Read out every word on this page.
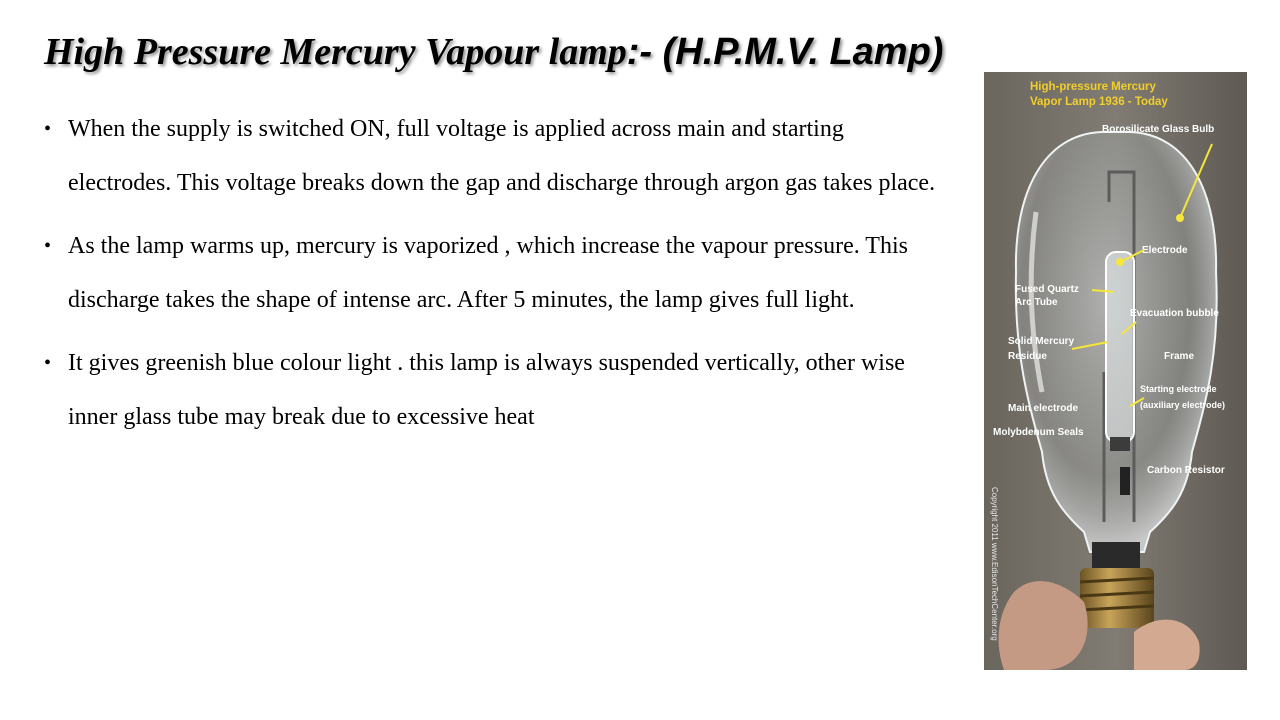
High Pressure Mercury Vapour lamp:- (H.P.M.V. Lamp)
• When the supply is switched ON, full voltage is applied across main and starting electrodes. This voltage breaks down the gap and discharge through argon gas takes place.
• As the lamp warms up, mercury is vaporized , which increase the vapour pressure. This discharge takes the shape of intense arc. After 5 minutes, the lamp gives full light.
• It gives greenish blue colour light . this lamp is always suspended vertically, other wise inner glass tube may break due to excessive heat
High-pressure Mercury
Vapor Lamp 1936 - Today
Borosilicate Glass Bulb
Electrode
Fused Quartz
Arc Tube
Evacuation bubble
Solid Mercury
Residue	Frame
Starting electrode
(auxiliary electrode)
Main electrode
Molybdenum Seals
Carbon Resistor
Copyright 2011 www.EdisonTechCenter.org
